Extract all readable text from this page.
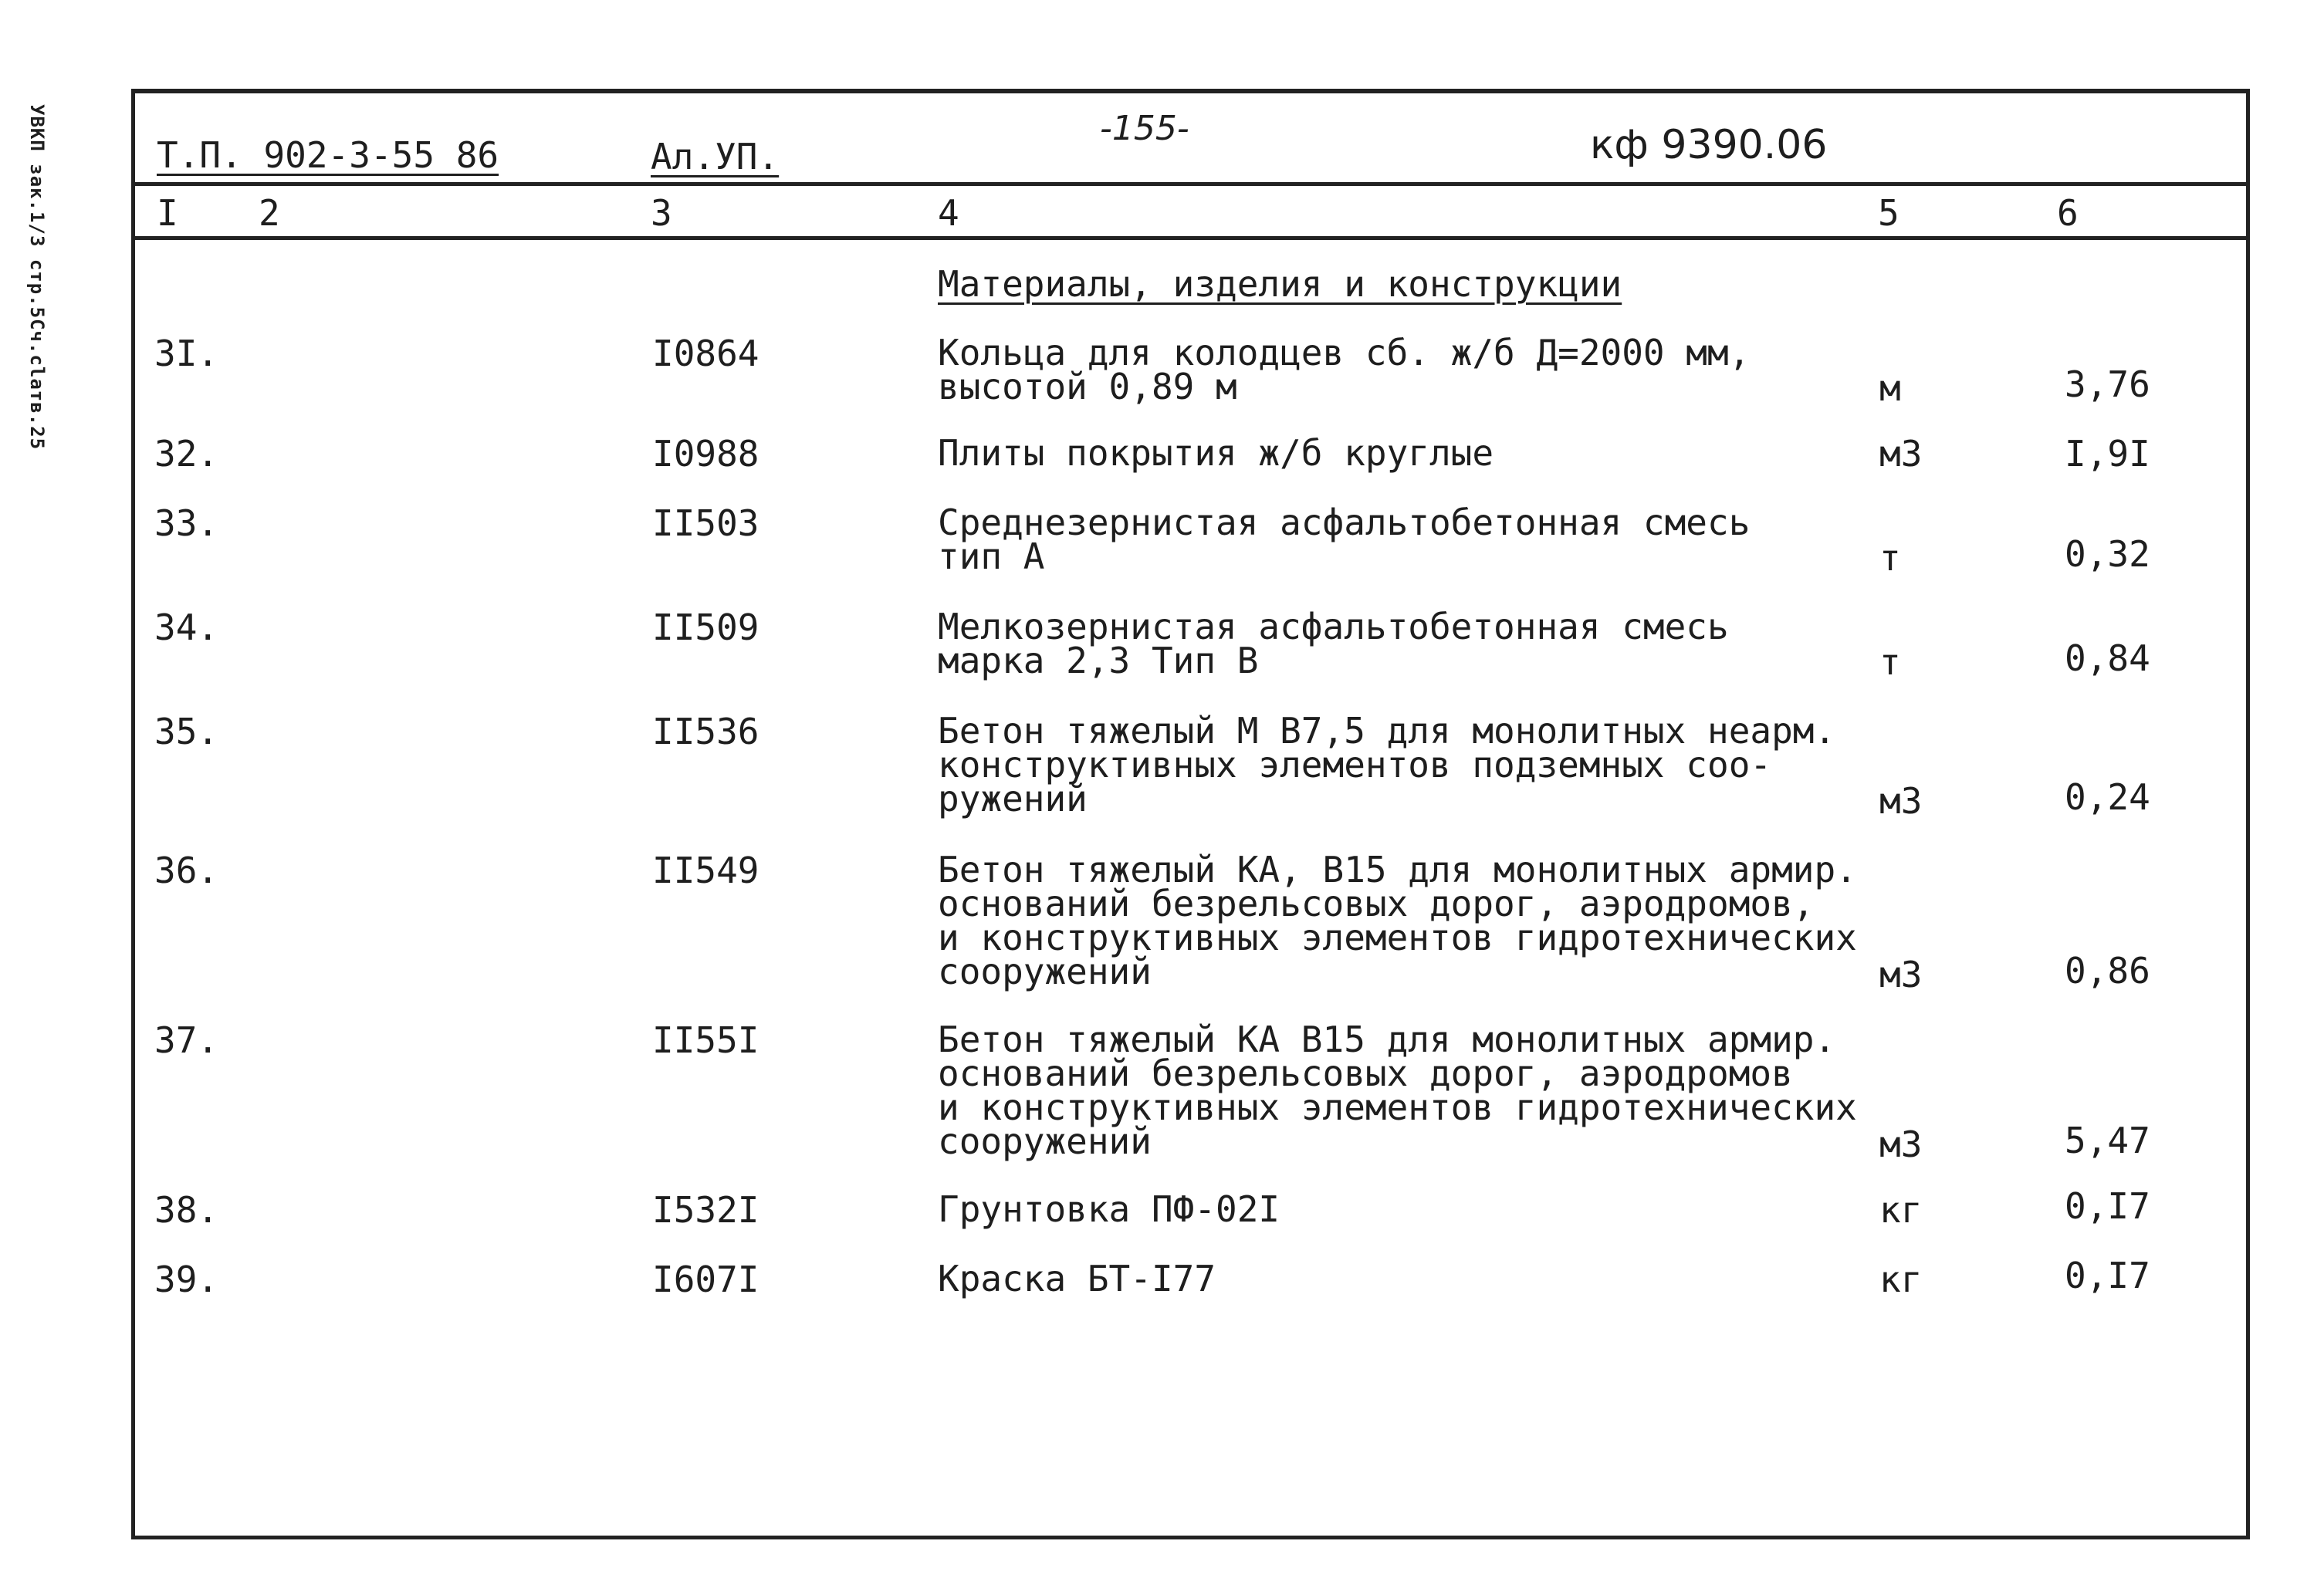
УВКП зак.1/3 стр.5Сч.сlатв.25	Т.П. 902-3-55 86	Ал.УП.
-155-	кф 9390.06
I 2	3	4	5	6
Материалы, изделия и конструкции
3I.	I0864	Кольца для колодцев сб. ж/б Д=2000 мм,
высотой 0,89 м	м	3,76
32.	I0988	Плиты покрытия ж/б круглые	м3	I,9I
33.	II503	Среднезернистая асфальтобетонная смесь
тип А	т	0,32
34.	II509	Мелкозернистая асфальтобетонная смесь
марка 2,3 Тип В	т	0,84
35.	II536	Бетон тяжелый М В7,5 для монолитных неарм.
конструктивных элементов подземных соо-
ружений	м3	0,24
36.	II549	Бетон тяжелый КА, В15 для монолитных армир.
оснований безрельсовых дорог, аэродромов,
и конструктивных элементов гидротехнических
сооружений	м3	0,86
37.	II55I	Бетон тяжелый КА В15 для монолитных армир.
оснований безрельсовых дорог, аэродромов
и конструктивных элементов гидротехнических
сооружений	м3	5,47
38.	I532I	Грунтовка ПФ-02I	кг	0,I7
39.	I607I	Краска БТ-I77	кг	0,I7
